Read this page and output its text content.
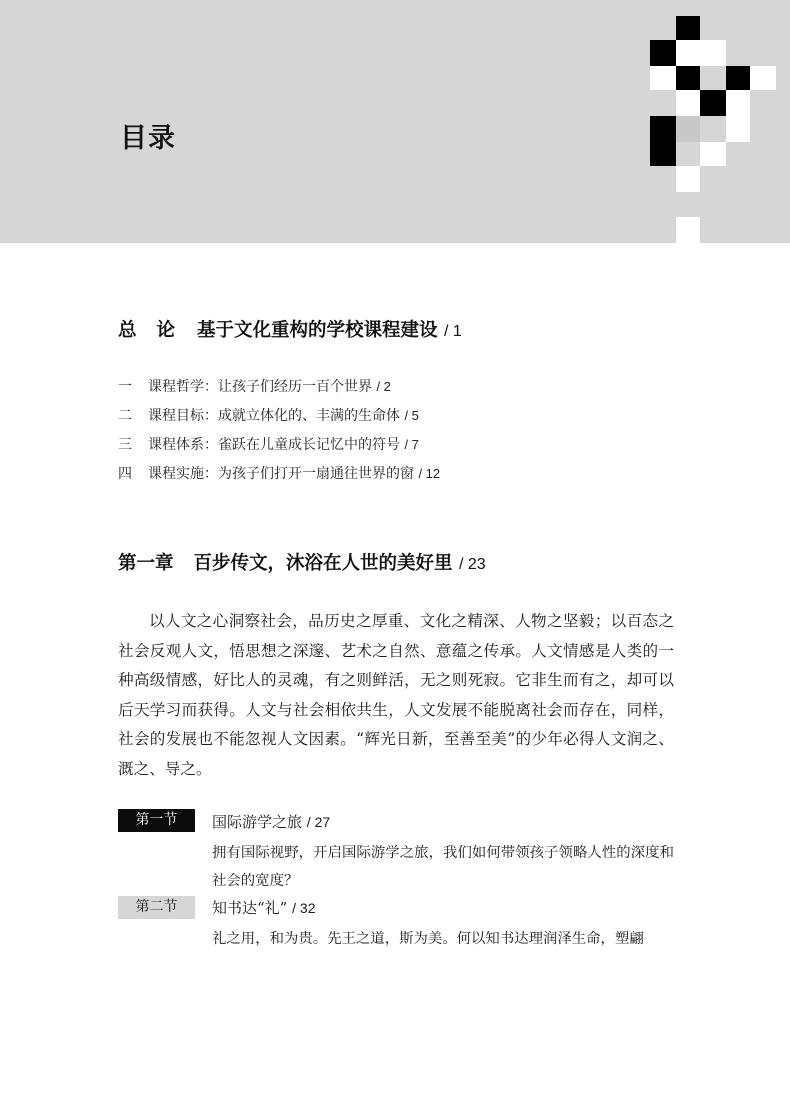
目录
总 论 基于文化重构的学校课程建设 / 1
一 课程哲学：让孩子们经历一百个世界 / 2
二 课程目标：成就立体化的、丰满的生命体 / 5
三 课程体系：雀跃在儿童成长记忆中的符号 / 7
四 课程实施：为孩子们打开一扇通往世界的窗 / 12
第一章 百步传文，沐浴在人世的美好里 / 23

以人文之心洞察社会，品历史之厚重、文化之精深、人物之坚毅；以百态之社会反观人文，悟思想之深邃、艺术之自然、意蕴之传承。人文情感是人类的一种高级情感，好比人的灵魂，有之则鲜活，无之则死寂。它非生而有之，却可以后天学习而获得。人文与社会相依共生，人文发展不能脱离社会而存在，同样，社会的发展也不能忽视人文因素。“辉光日新，至善至美”的少年必得人文润之、溉之、导之。

第一节	国际游学之旅 / 27

拥有国际视野，开启国际游学之旅，我们如何带领孩子领略人性的深度和社会的宽度？

第二节	知书达“礼” / 32

礼之用，和为贵。先王之道，斯为美。何以知书达理润泽生命，塑翩
